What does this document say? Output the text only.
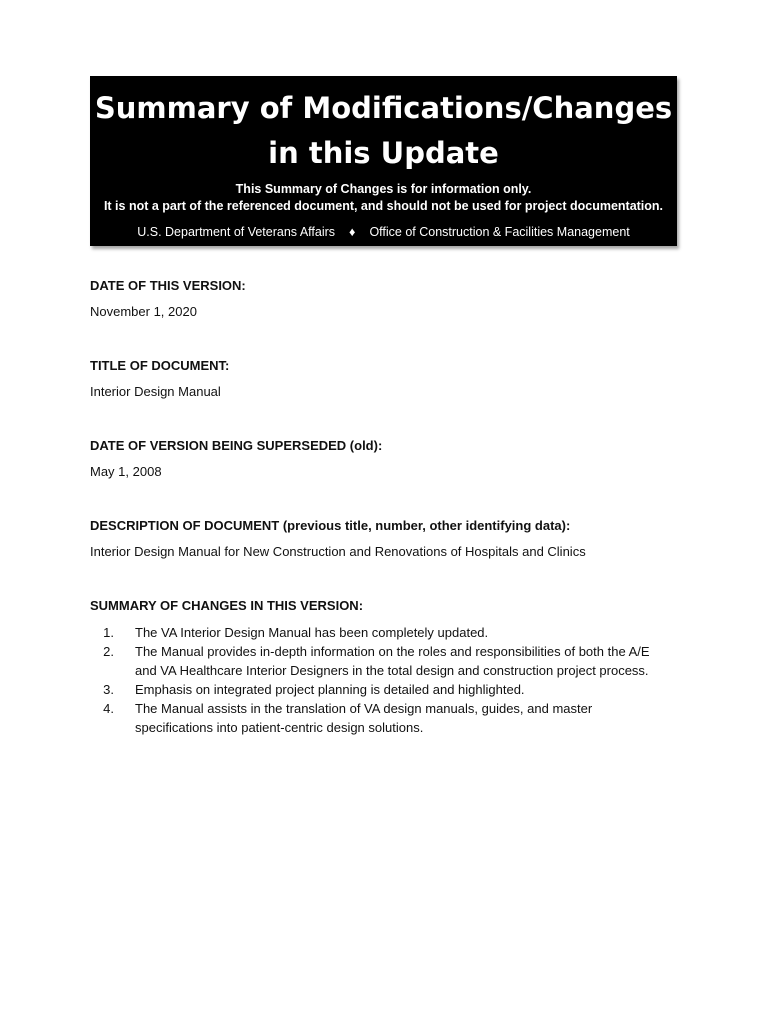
Summary of Modifications/Changes
in this Update
This Summary of Changes is for information only.
It is not a part of the referenced document, and should not be used for project documentation.
U.S. Department of Veterans Affairs ♦ Office of Construction & Facilities Management
DATE OF THIS VERSION:
November 1, 2020
TITLE OF DOCUMENT:
Interior Design Manual
DATE OF VERSION BEING SUPERSEDED (old):
May 1, 2008
DESCRIPTION OF DOCUMENT (previous title, number, other identifying data):
Interior Design Manual for New Construction and Renovations of Hospitals and Clinics
SUMMARY OF CHANGES IN THIS VERSION:
1. The VA Interior Design Manual has been completely updated.
2. The Manual provides in-depth information on the roles and responsibilities of both the A/E and VA Healthcare Interior Designers in the total design and construction project process.
3. Emphasis on integrated project planning is detailed and highlighted.
4. The Manual assists in the translation of VA design manuals, guides, and master specifications into patient-centric design solutions.
